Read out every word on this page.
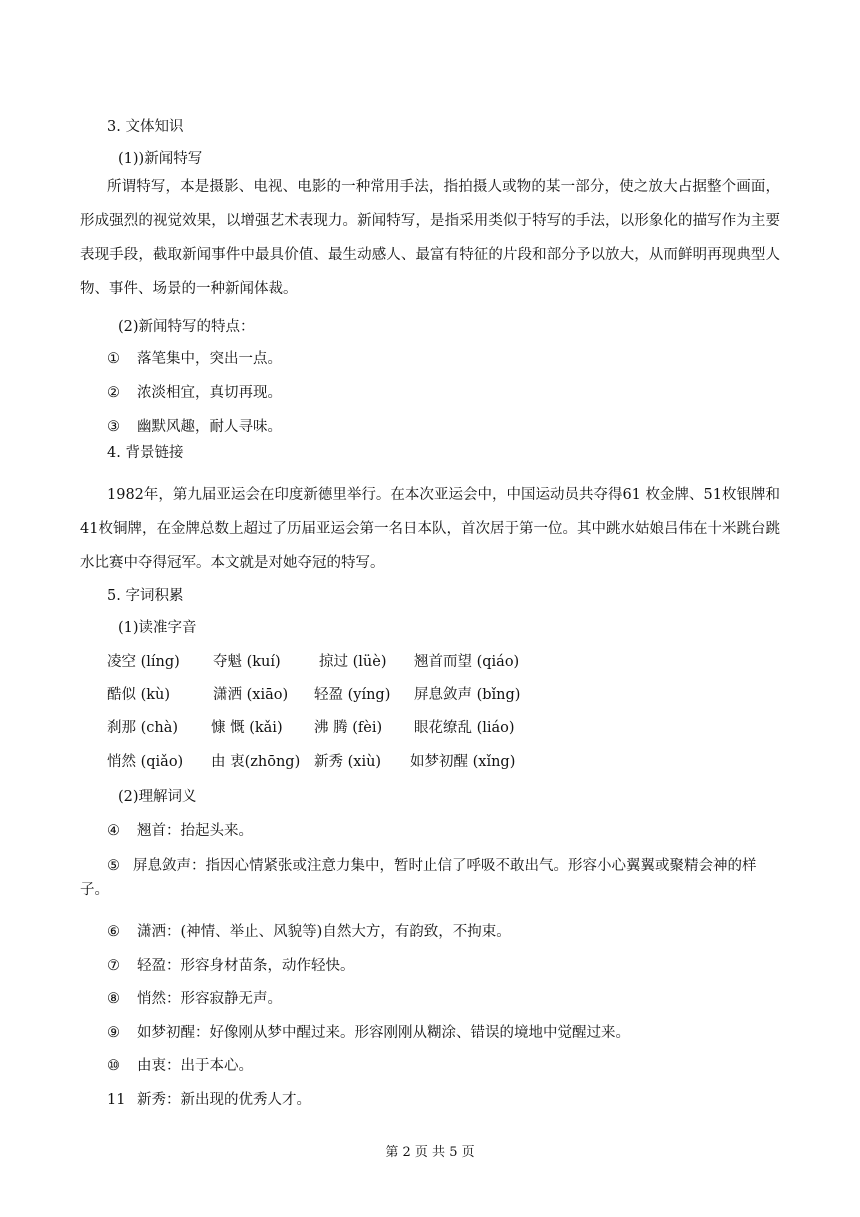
3. 文体知识
(1))新闻特写
所谓特写，本是摄影、电视、电影的一种常用手法，指拍摄人或物的某一部分，使之放大占据整个画面，形成强烈的视觉效果，以增强艺术表现力。新闻特写，是指采用类似于特写的手法，以形象化的描写作为主要表现手段，截取新闻事件中最具价值、最生动感人、最富有特征的片段和部分予以放大，从而鲜明再现典型人物、事件、场景的一种新闻体裁。
(2)新闻特写的特点：
① 落笔集中，突出一点。
② 浓淡相宜，真切再现。
③ 幽默风趣，耐人寻味。
4. 背景链接
1982年，第九届亚运会在印度新德里举行。在本次亚运会中，中国运动员共夺得61 枚金牌、51枚银牌和41枚铜牌，在金牌总数上超过了历届亚运会第一名日本队，首次居于第一位。其中跳水姑娘吕伟在十米跳台跳水比赛中夺得冠军。本文就是对她夺冠的特写。
5. 字词积累
(1)读准字音
凌空 (líng) 夺魁 (kuí)	掠过 (lüè) 翘首而望 (qiáo)
酷似 (kù)	潇洒 (xiāo) 轻盈 (yíng) 屏息敛声 (bǐng)
刹那 (chà) 慷 慨 (kǎi) 沸 腾 (fèi) 眼花缭乱 (liáo)
悄然 (qiǎo) 由 衷(zhōng) 新秀 (xiù) 如梦初醒 (xǐng)
(2)理解词义
④ 翘首：抬起头来。
⑤ 屏息敛声：指因心情紧张或注意力集中，暂时止信了呼吸不敢出气。形容小心翼翼或聚精会神的样子。
⑥ 潇洒：(神情、举止、风貌等)自然大方，有韵致，不拘束。
⑦ 轻盈：形容身材苗条，动作轻快。
⑧ 悄然：形容寂静无声。
⑨ 如梦初醒：好像刚从梦中醒过来。形容刚刚从糊涂、错误的境地中觉醒过来。
⑩ 由衷：出于本心。
11 新秀：新出现的优秀人才。
第 2 页 共 5 页
